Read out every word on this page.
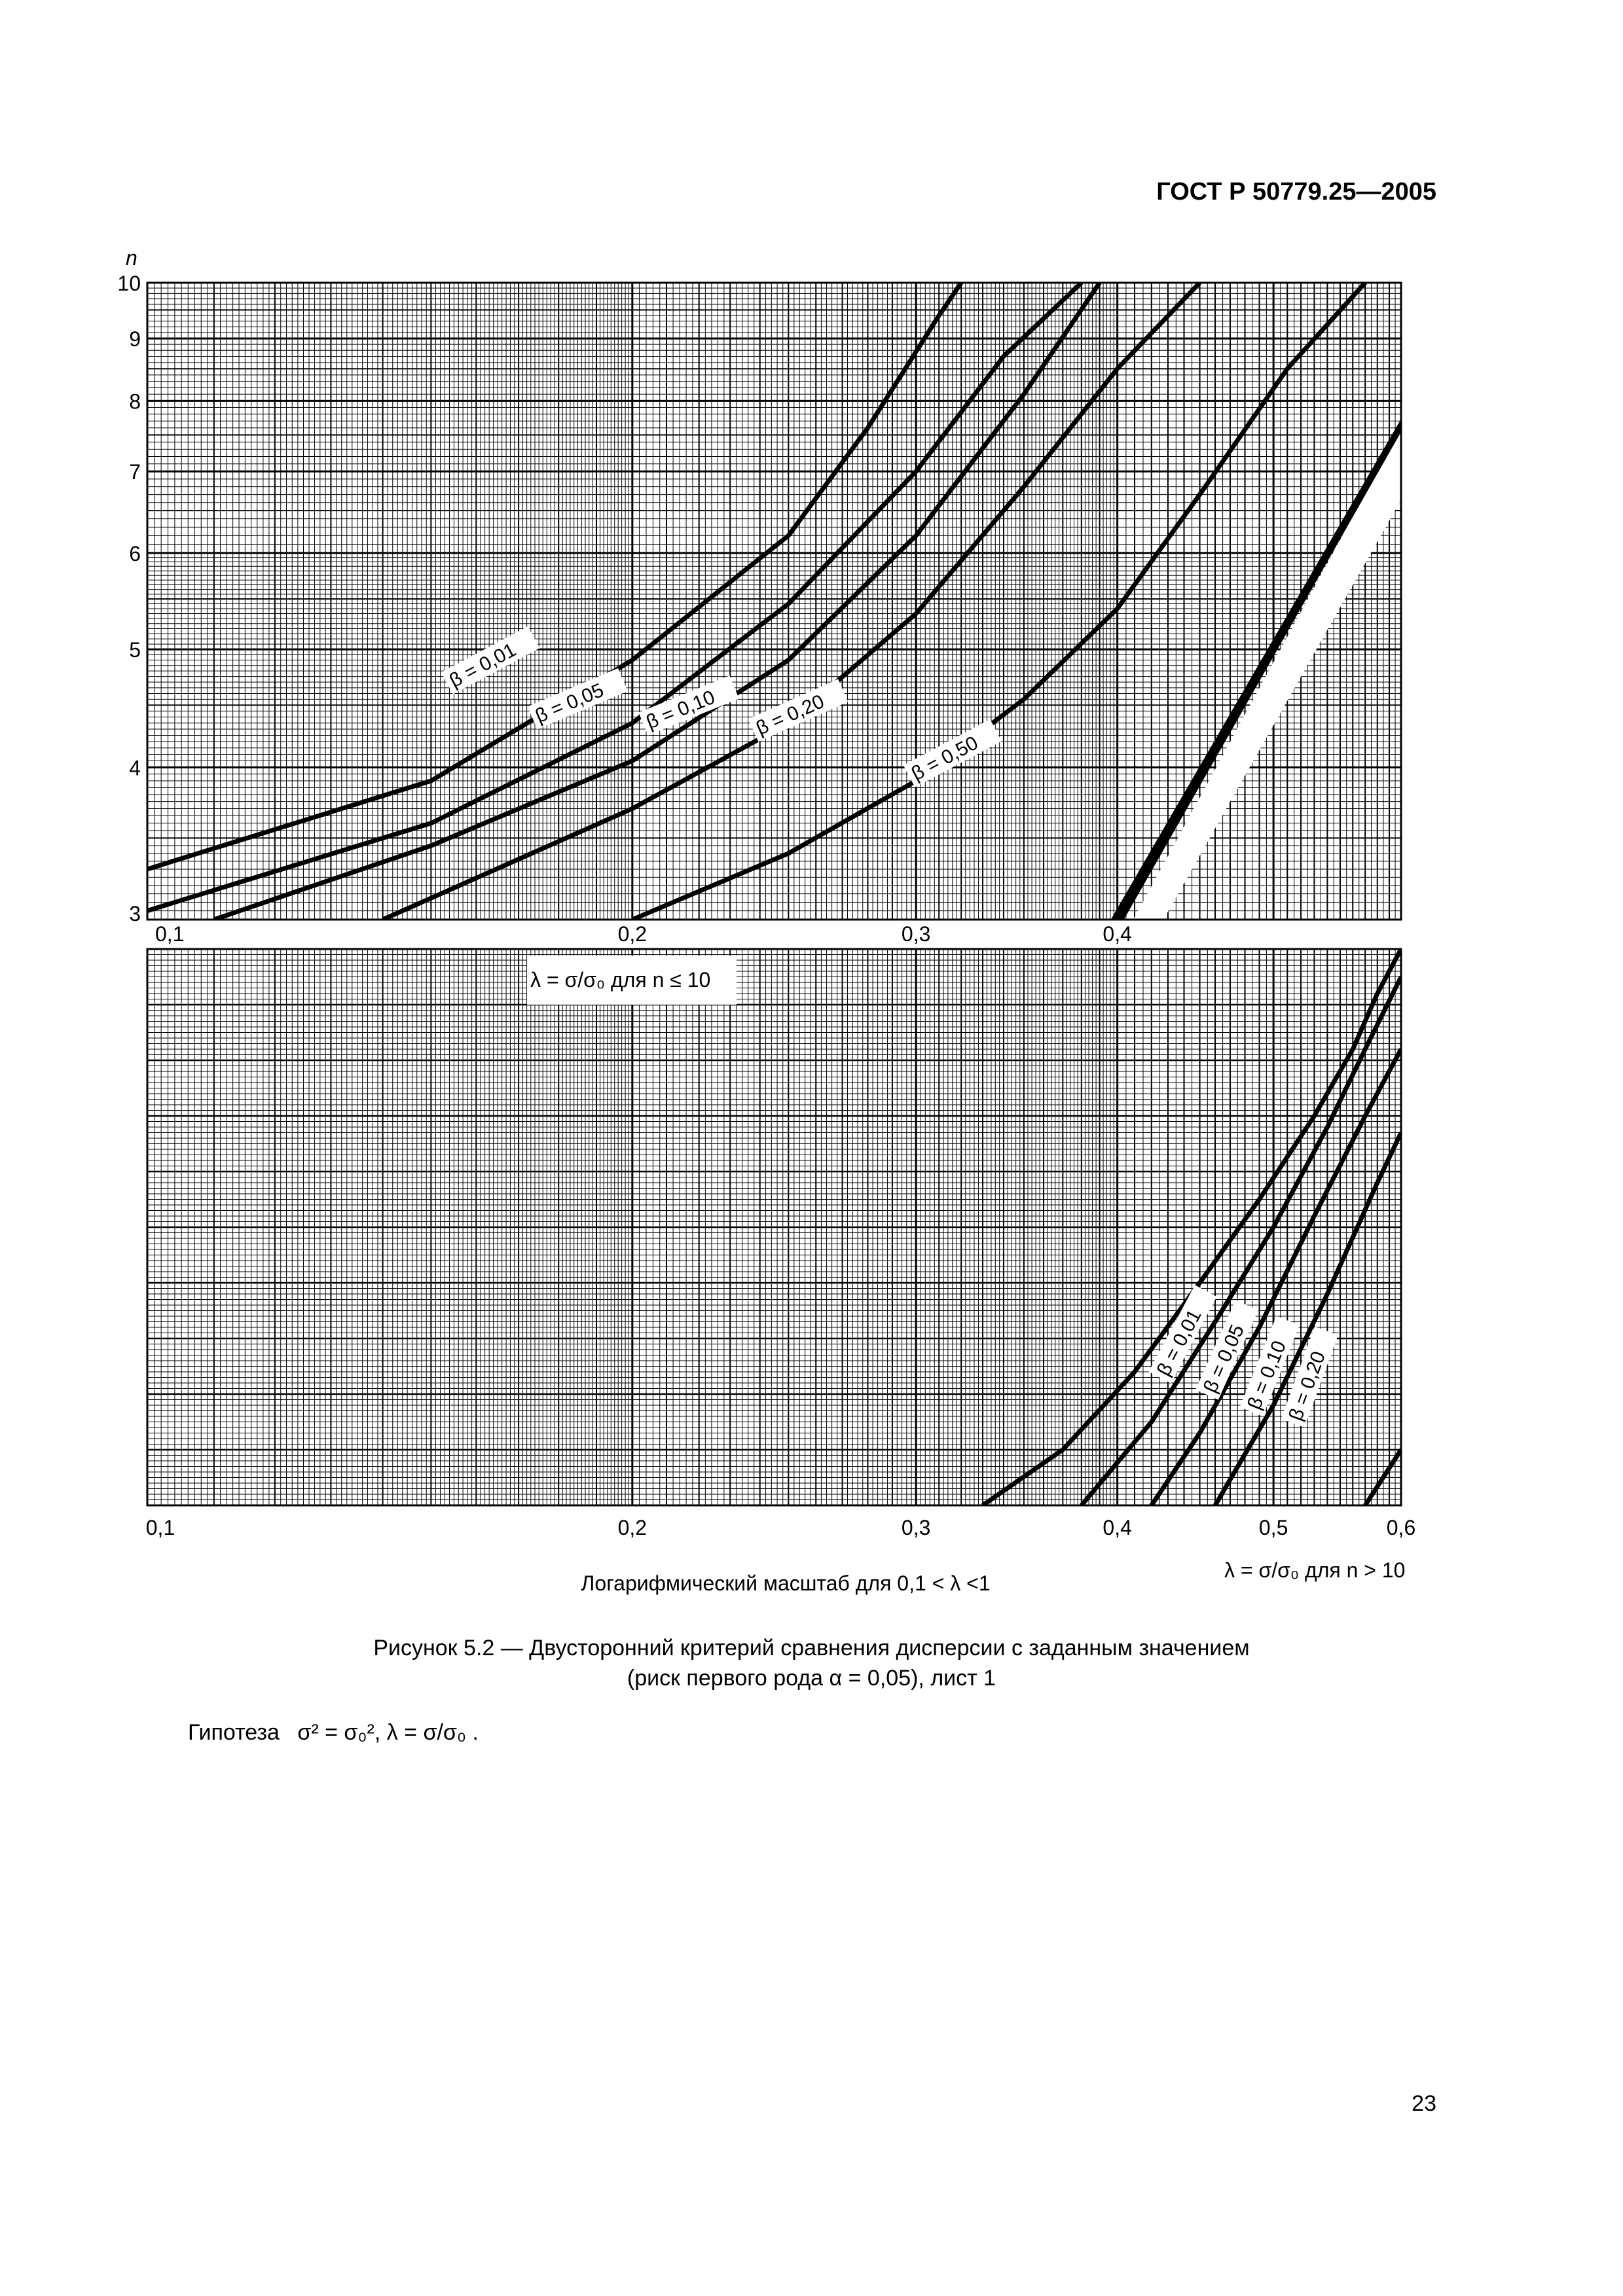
ГОСТ Р 50779.25—2005
β = 0,01
β = 0,05 β = 0,10 β = 0,20
β = 0,50
β = 0,01
β = 0,05
β = 0,10
β = 0,20
n
3
4
5
6
7
8
9
10
0,1	0,2	0,3	0,4
0,1	0,2	0,3	0,4	0,5	0,6
λ = σ/σ₀ для n ≤ 10
Логарифмический масштаб для 0,1 < λ <1
λ = σ/σ₀ для n > 10
Рисунок 5.2 — Двусторонний критерий сравнения дисперсии с заданным значением
(риск первого рода α = 0,05), лист 1
Гипотеза σ² = σ₀², λ = σ/σ₀ .
23
